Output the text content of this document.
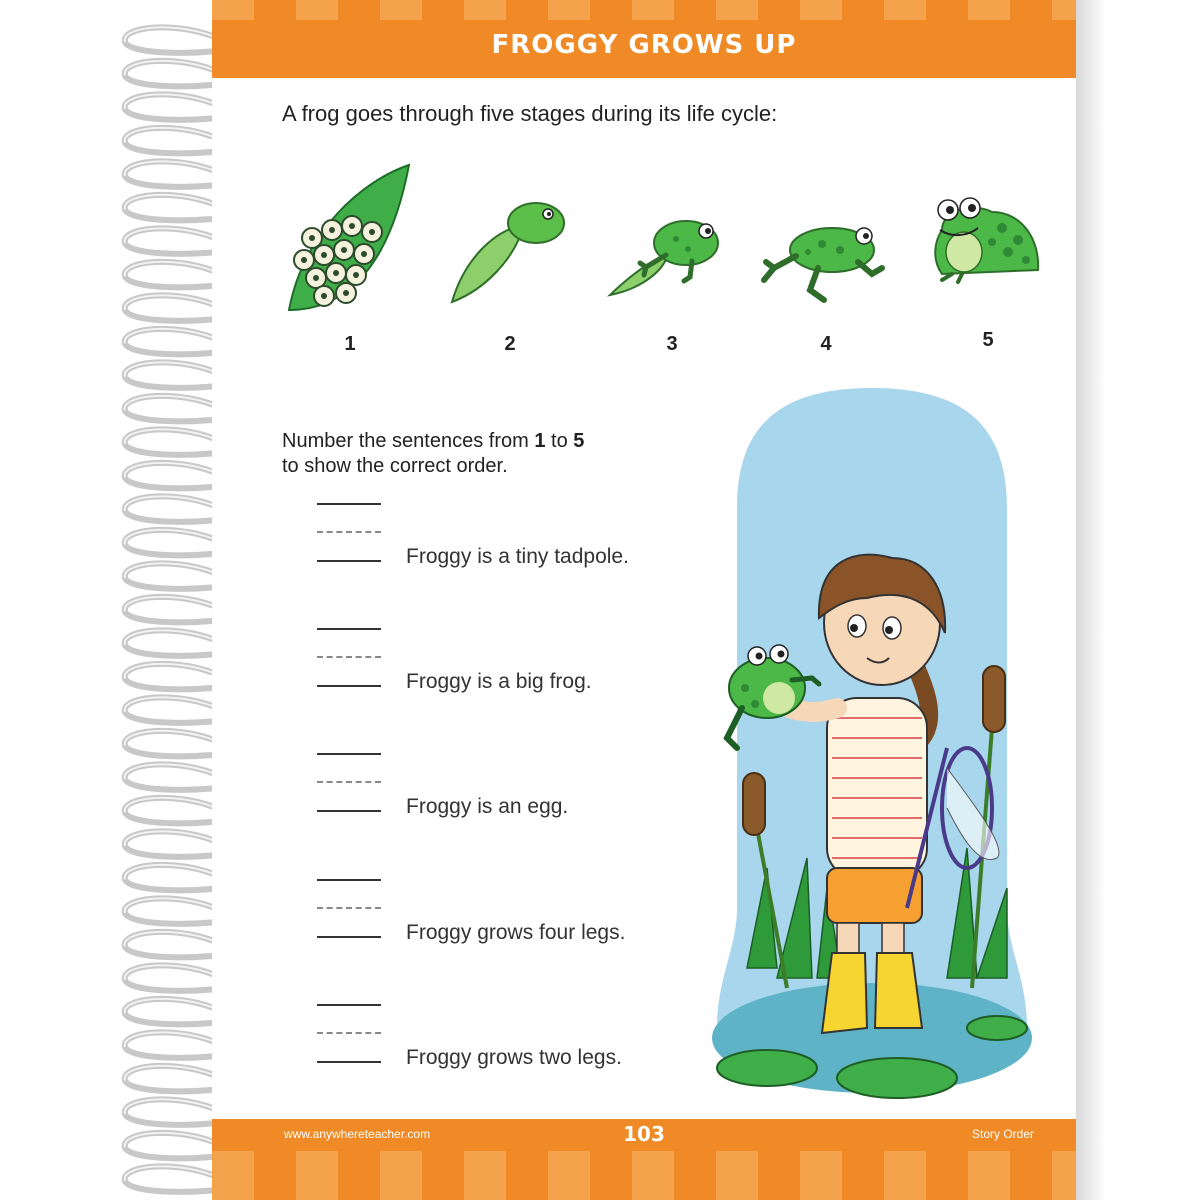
FROGGY GROWS UP
A frog goes through five stages during its life cycle:
1	2	3	4	5
Number the sentences from 1 to 5
to show the correct order.
Froggy is a tiny tadpole.
Froggy is a big frog.
Froggy is an egg.
Froggy grows four legs.
Froggy grows two legs.
www.anywhereteacher.com	103	Story Order
